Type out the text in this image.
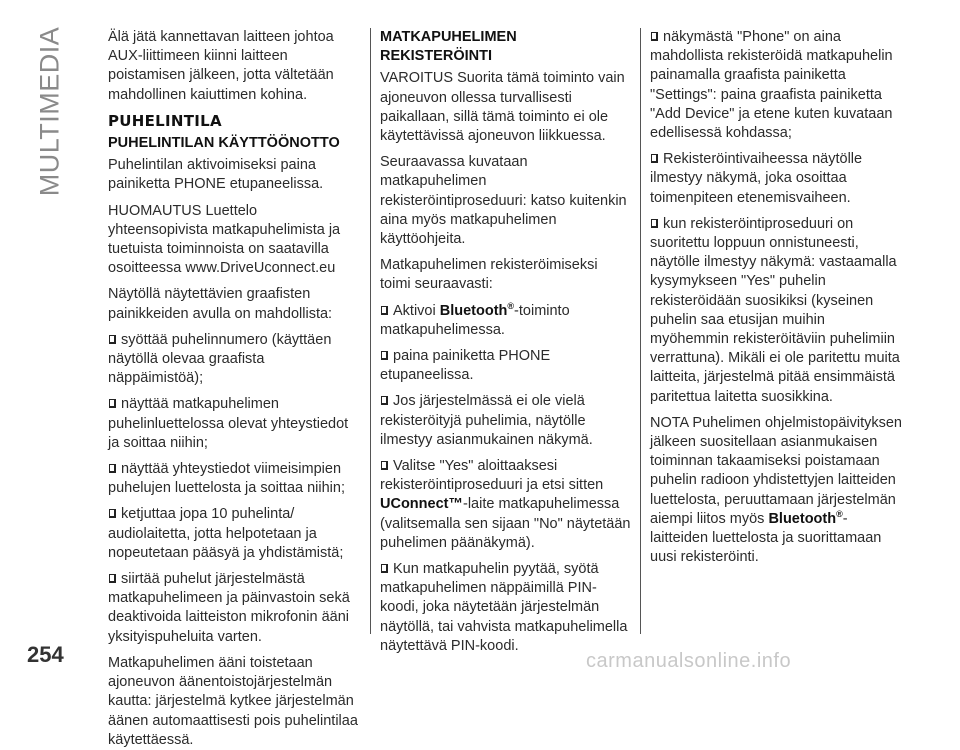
MULTIMEDIA	Älä jätä kannettavan laitteen johtoa AUX-liittimeen kiinni laitteen poistamisen jälkeen, jotta vältetään mahdollinen kaiuttimen kohina.

PUHELINTILA
PUHELINTILAN KÄYTTÖÖNOTTO

Puhelintilan aktivoimiseksi paina painiketta PHONE etupaneelissa.

HUOMAUTUS Luettelo yhteensopivista matkapuhelimista ja tuetuista toiminnoista on saatavilla osoitteessa www.DriveUconnect.eu

Näytöllä näytettävien graafisten painikkeiden avulla on mahdollista:

syöttää puhelinnumero (käyttäen näytöllä olevaa graafista näppäimistöä);

näyttää matkapuhelimen puhelinluettelossa olevat yhteystiedot ja soittaa niihin;

näyttää yhteystiedot viimeisimpien puhelujen luettelosta ja soittaa niihin;

ketjuttaa jopa 10 puhelinta/ audiolaitetta, jotta helpotetaan ja nopeutetaan pääsyä ja yhdistämistä;

siirtää puhelut järjestelmästä matkapuhelimeen ja päinvastoin sekä deaktivoida laitteiston mikrofonin ääni yksityispuheluita varten.

Matkapuhelimen ääni toistetaan ajoneuvon äänentoistojärjestelmän kautta: järjestelmä kytkee järjestelmän äänen automaattisesti pois puhelintilaa käytettäessä.

MATKAPUHELIMEN REKISTERÖINTI

VAROITUS Suorita tämä toiminto vain ajoneuvon ollessa turvallisesti paikallaan, sillä tämä toiminto ei ole käytettävissä ajoneuvon liikkuessa.

Seuraavassa kuvataan matkapuhelimen rekisteröintiproseduuri: katso kuitenkin aina myös matkapuhelimen käyttöohjeita.

Matkapuhelimen rekisteröimiseksi toimi seuraavasti:

Aktivoi Bluetooth®-toiminto matkapuhelimessa.

paina painiketta PHONE etupaneelissa.

Jos järjestelmässä ei ole vielä rekisteröityjä puhelimia, näytölle ilmestyy asianmukainen näkymä.

Valitse "Yes" aloittaaksesi rekisteröintiproseduuri ja etsi sitten UConnect™-laite matkapuhelimessa (valitsemalla sen sijaan "No" näytetään puhelimen päänäkymä).

Kun matkapuhelin pyytää, syötä matkapuhelimen näppäimillä PIN-koodi, joka näytetään järjestelmän näytöllä, tai vahvista matkapuhelimella näytettävä PIN-koodi.

näkymästä "Phone" on aina mahdollista rekisteröidä matkapuhelin painamalla graafista painiketta "Settings": paina graafista painiketta "Add Device" ja etene kuten kuvataan edellisessä kohdassa;

Rekisteröintivaiheessa näytölle ilmestyy näkymä, joka osoittaa toimenpiteen etenemisvaiheen.

kun rekisteröintiproseduuri on suoritettu loppuun onnistuneesti, näytölle ilmestyy näkymä: vastaamalla kysymykseen "Yes" puhelin rekisteröidään suosikiksi (kyseinen puhelin saa etusijan muihin myöhemmin rekisteröitäviin puhelimiin verrattuna). Mikäli ei ole paritettu muita laitteita, järjestelmä pitää ensimmäistä paritettua laitetta suosikkina.

NOTA Puhelimen ohjelmistopäivityksen jälkeen suositellaan asianmukaisen toiminnan takaamiseksi poistamaan puhelin radioon yhdistettyjen laitteiden luettelosta, peruuttamaan järjestelmän aiempi liitos myös Bluetooth®-laitteiden luettelosta ja suorittamaan uusi rekisteröinti.

254	carmanualsonline.info
